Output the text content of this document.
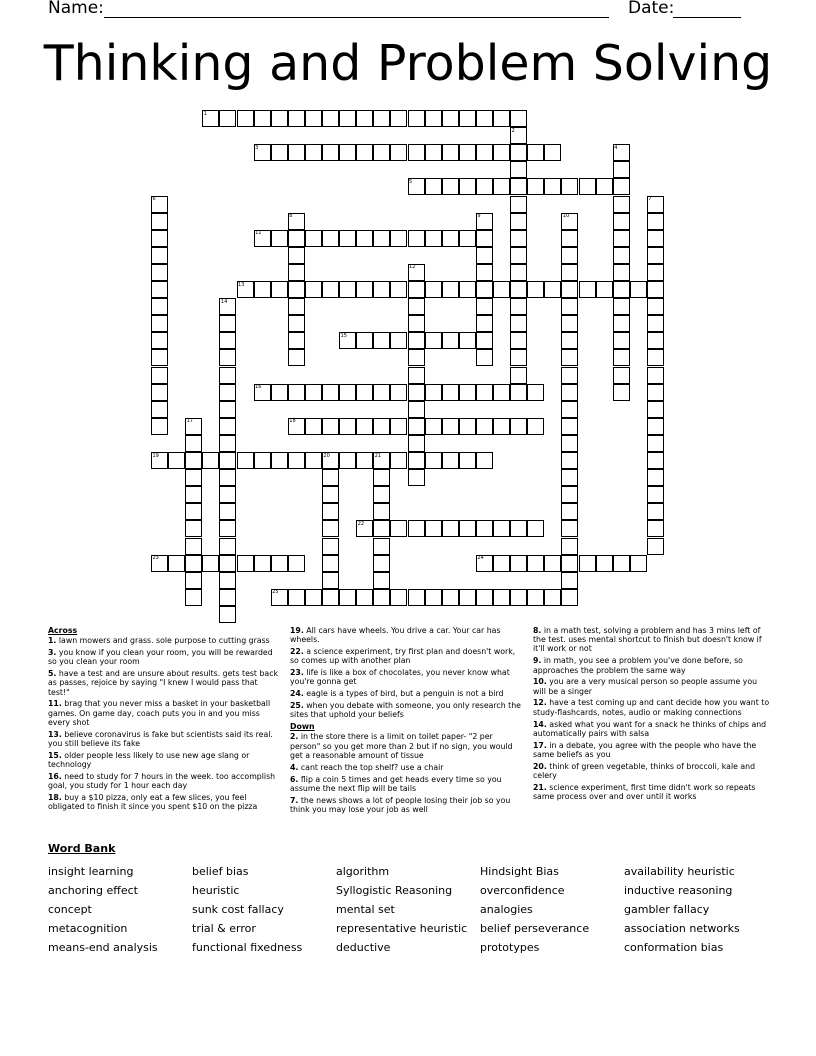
Name:	Date:
Thinking and Problem Solving
1
2
3	4
5
6	7
8	9	10
11
12
13
14
15
16
17	18
19	20	21
22
23	24
25
Across
1. lawn mowers and grass. sole purpose to cutting grass
3. you know if you clean your room, you will be rewarded so you clean your room
5. have a test and are unsure about results. gets test back as passes, rejoice by saying "I knew I would pass that test!"
11. brag that you never miss a basket in your basketball games. On game day, coach puts you in and you miss every shot
13. believe coronavirus is fake but scientists said its real. you still believe its fake
15. older people less likely to use new age slang or technology
16. need to study for 7 hours in the week. too accomplish goal, you study for 1 hour each day
18. buy a $10 pizza, only eat a few slices, you feel obligated to finish it since you spent $10 on the pizza
19. All cars have wheels. You drive a car. Your car has wheels.
22. a science experiment, try first plan and doesn't work, so comes up with another plan
23. life is like a box of chocolates, you never know what you're gonna get
24. eagle is a types of bird, but a penguin is not a bird
25. when you debate with someone, you only research the sites that uphold your beliefs
Down
2. in the store there is a limit on toilet paper- "2 per person" so you get more than 2 but if no sign, you would get a reasonable amount of tissue
4. cant reach the top shelf? use a chair
6. flip a coin 5 times and get heads every time so you assume the next flip will be tails
7. the news shows a lot of people losing their job so you think you may lose your job as well
8. in a math test, solving a problem and has 3 mins left of the test. uses mental shortcut to finish but doesn't know if it'll work or not
9. in math, you see a problem you've done before, so approaches the problem the same way
10. you are a very musical person so people assume you will be a singer
12. have a test coming up and cant decide how you want to study-flashcards, notes, audio or making connections
14. asked what you want for a snack he thinks of chips and automatically pairs with salsa
17. in a debate, you agree with the people who have the same beliefs as you
20. think of green vegetable, thinks of broccoli, kale and celery
21. science experiment, first time didn't work so repeats same process over and over until it works
Word Bank
insight learning
anchoring effect
concept
metacognition
means-end analysis
belief bias
heuristic
sunk cost fallacy
trial & error
functional fixedness
algorithm
Syllogistic Reasoning
mental set
representative heuristic
deductive
Hindsight Bias
overconfidence
analogies
belief perseverance
prototypes
availability heuristic
inductive reasoning
gambler fallacy
association networks
conformation bias
